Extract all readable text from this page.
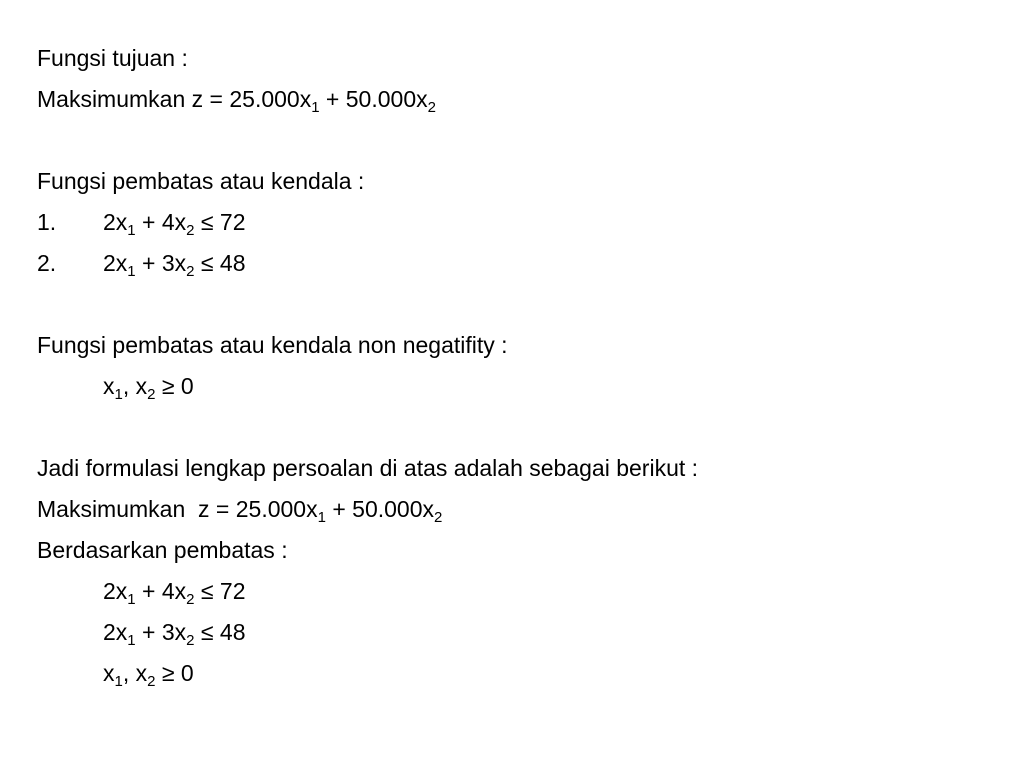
Fungsi tujuan :
Maksimumkan $z = 25.000x_1 + 50.000x_2$
Fungsi pembatas atau kendala :
1. $2x_1 + 4x_2 \le 72$
2. $2x_1 + 3x_2 \le 48$
Fungsi pembatas atau kendala non negatifity :
$x_1$, $x_2 \ge 0$
Jadi formulasi lengkap persoalan di atas adalah sebagai berikut :
Maksimumkan  $z = 25.000x_1 + 50.000x_2$
Berdasarkan pembatas :
$2x_1 + 4x_2 \le 72$
$2x_1 + 3x_2 \le 48$
$x_1$, $x_2 \ge 0$
